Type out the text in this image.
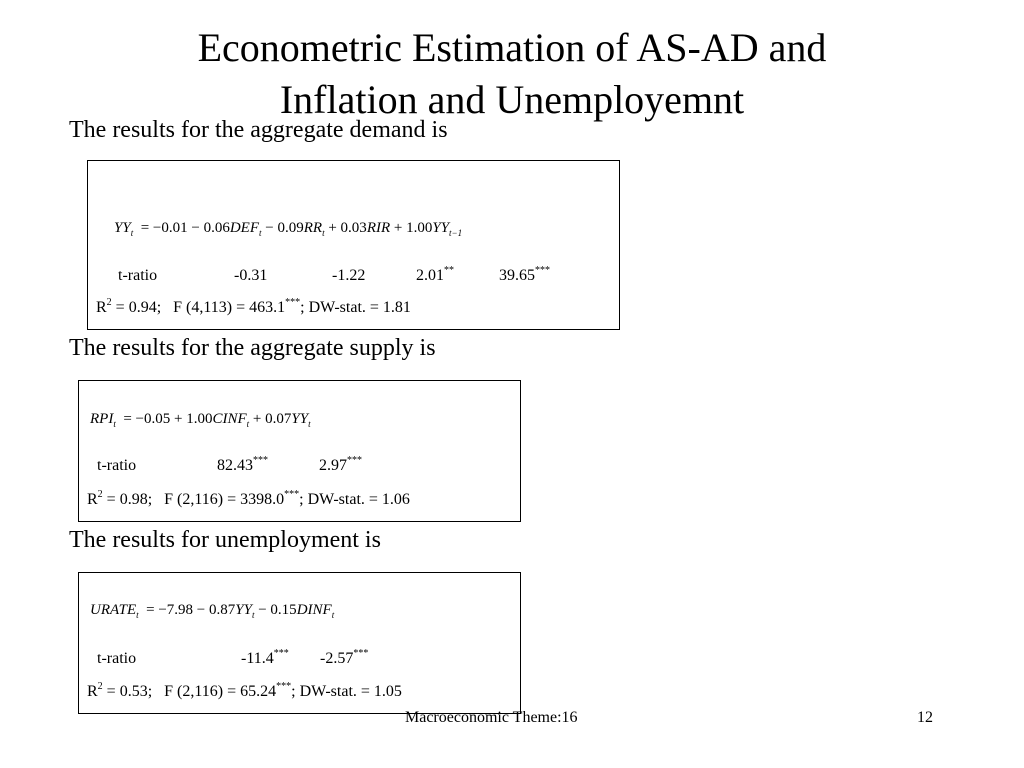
Econometric Estimation of AS-AD and
Inflation and Unemployemnt
The results for the aggregate demand is
$YY_t = -0.01 - 0.06DEF_t - 0.09RR_t + 0.03RIR + 1.00YY_{t-1}$
t-ratio	-0.31	-1.22	2.01**	39.65***
$R^2 = 0.94$; F (4,113) = 463.1***; DW-stat. = 1.81
The results for the aggregate supply is
$RPI_t = -0.05$ + $1.00CINF_t + 0.07YY_t$
t-ratio	82.43***	2.97***
$R^2 = 0.98$; F (2,116) = 3398.0***; DW-stat. = 1.06
The results for unemployment is
$URATE_t = -7.98 - 0.87YY_t$ − $0.15DINF_t$
t-ratio	-11.4*** -2.57***
$R^2 = 0.53$; F (2,116) = 65.24***; DW-stat. = 1.05
Macroeconomic Theme:16	12
